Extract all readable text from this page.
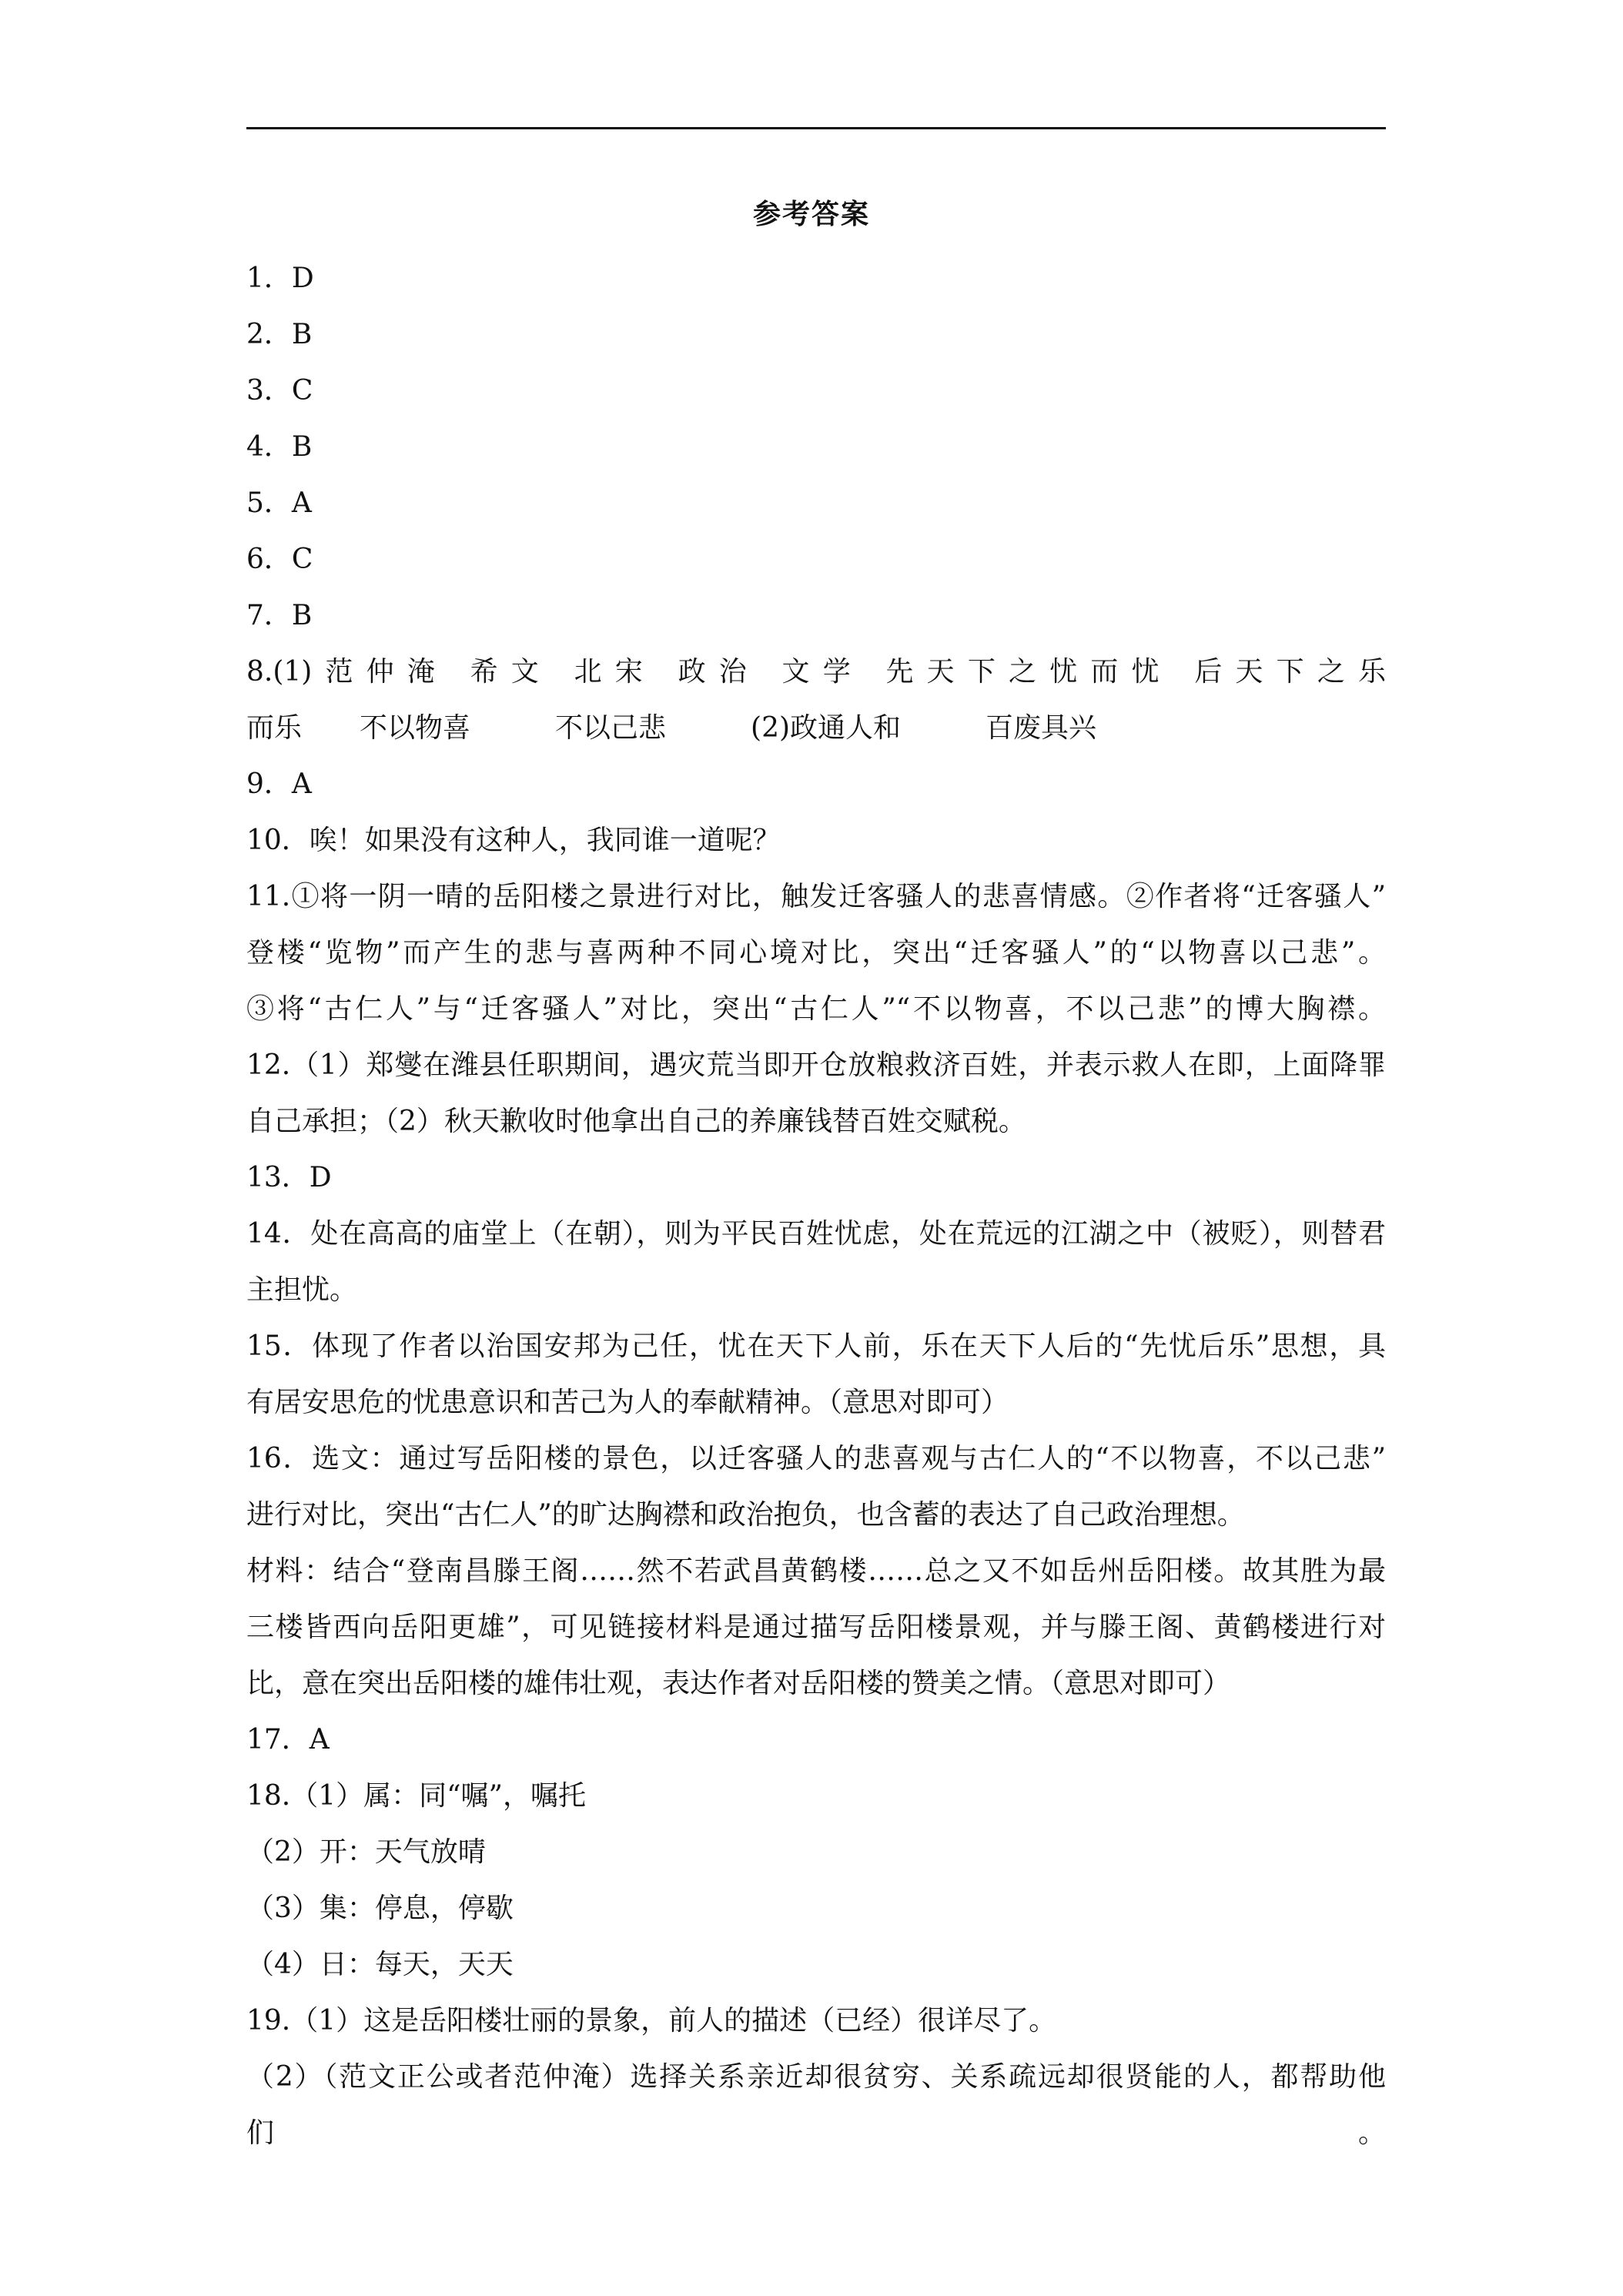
参考答案
1．D
2．B
3．C
4．B
5．A
6．C
7．B
8.(1)范仲淹 希文 北宋 政治 文学 先天下之忧而忧 后天下之乐
而乐 不以物喜	不以己悲	(2)政通人和	百废具兴
9．A
10．唉！如果没有这种人，我同谁一道呢？
11.①将一阴一晴的岳阳楼之景进行对比，触发迁客骚人的悲喜情感。②作者将“迁客骚人”
登楼“览物”而产生的悲与喜两种不同心境对比，突出“迁客骚人”的“以物喜以己悲”。
③将“古仁人”与“迁客骚人”对比，突出“古仁人”“不以物喜，不以己悲”的博大胸襟。
12.（1）郑燮在潍县任职期间，遇灾荒当即开仓放粮救济百姓，并表示救人在即，上面降罪
自己承担；（2）秋天歉收时他拿出自己的养廉钱替百姓交赋税。
13．D
14．处在高高的庙堂上（在朝），则为平民百姓忧虑，处在荒远的江湖之中（被贬），则替君
主担忧。
15．体现了作者以治国安邦为己任，忧在天下人前，乐在天下人后的“先忧后乐”思想，具
有居安思危的忧患意识和苦己为人的奉献精神。（意思对即可）
16．选文：通过写岳阳楼的景色，以迁客骚人的悲喜观与古仁人的“不以物喜，不以己悲”
进行对比，突出“古仁人”的旷达胸襟和政治抱负，也含蓄的表达了自己政治理想。
材料：结合“登南昌滕王阁……然不若武昌黄鹤楼……总之又不如岳州岳阳楼。故其胜为最
三楼皆西向岳阳更雄”，可见链接材料是通过描写岳阳楼景观，并与滕王阁、黄鹤楼进行对
比，意在突出岳阳楼的雄伟壮观，表达作者对岳阳楼的赞美之情。（意思对即可）
17．A
18.（1）属：同“嘱”，嘱托
（2）开：天气放晴
（3）集：停息，停歇
（4）日：每天，天天
19.（1）这是岳阳楼壮丽的景象，前人的描述（已经）很详尽了。
（2）（范文正公或者范仲淹）选择关系亲近却很贫穷、关系疏远却很贤能的人，都帮助他们。
